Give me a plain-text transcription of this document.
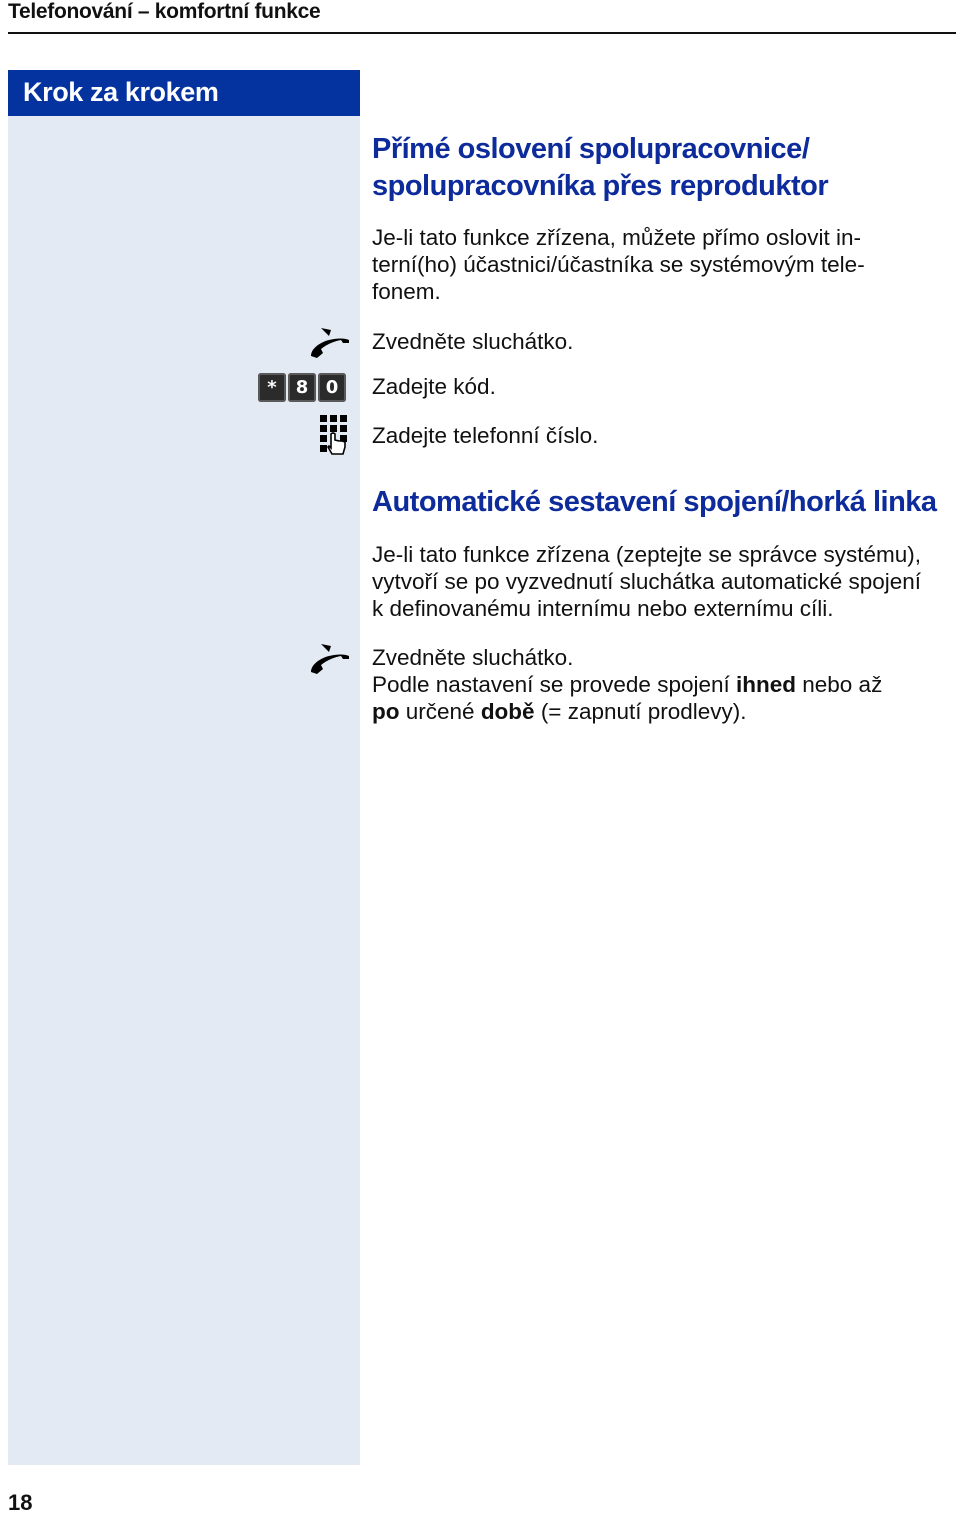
Telefonování – komfortní funkce
Krok za krokem
*	8 0
Přímé oslovení spolupracovnice/
spolupracovníka přes reproduktor
Je-li tato funkce zřízena, můžete přímo oslovit in-
terní(ho) účastnici/účastníka se systémovým tele-
fonem.
Zvedněte sluchátko.
Zadejte kód.
Zadejte telefonní číslo.
Automatické sestavení spojení/horká linka
Je-li tato funkce zřízena (zeptejte se správce systému),
vytvoří se po vyzvednutí sluchátka automatické spojení
k definovanému internímu nebo externímu cíli.
Zvedněte sluchátko.
Podle nastavení se provede spojení ihned nebo až
po určené době (= zapnutí prodlevy).
18
